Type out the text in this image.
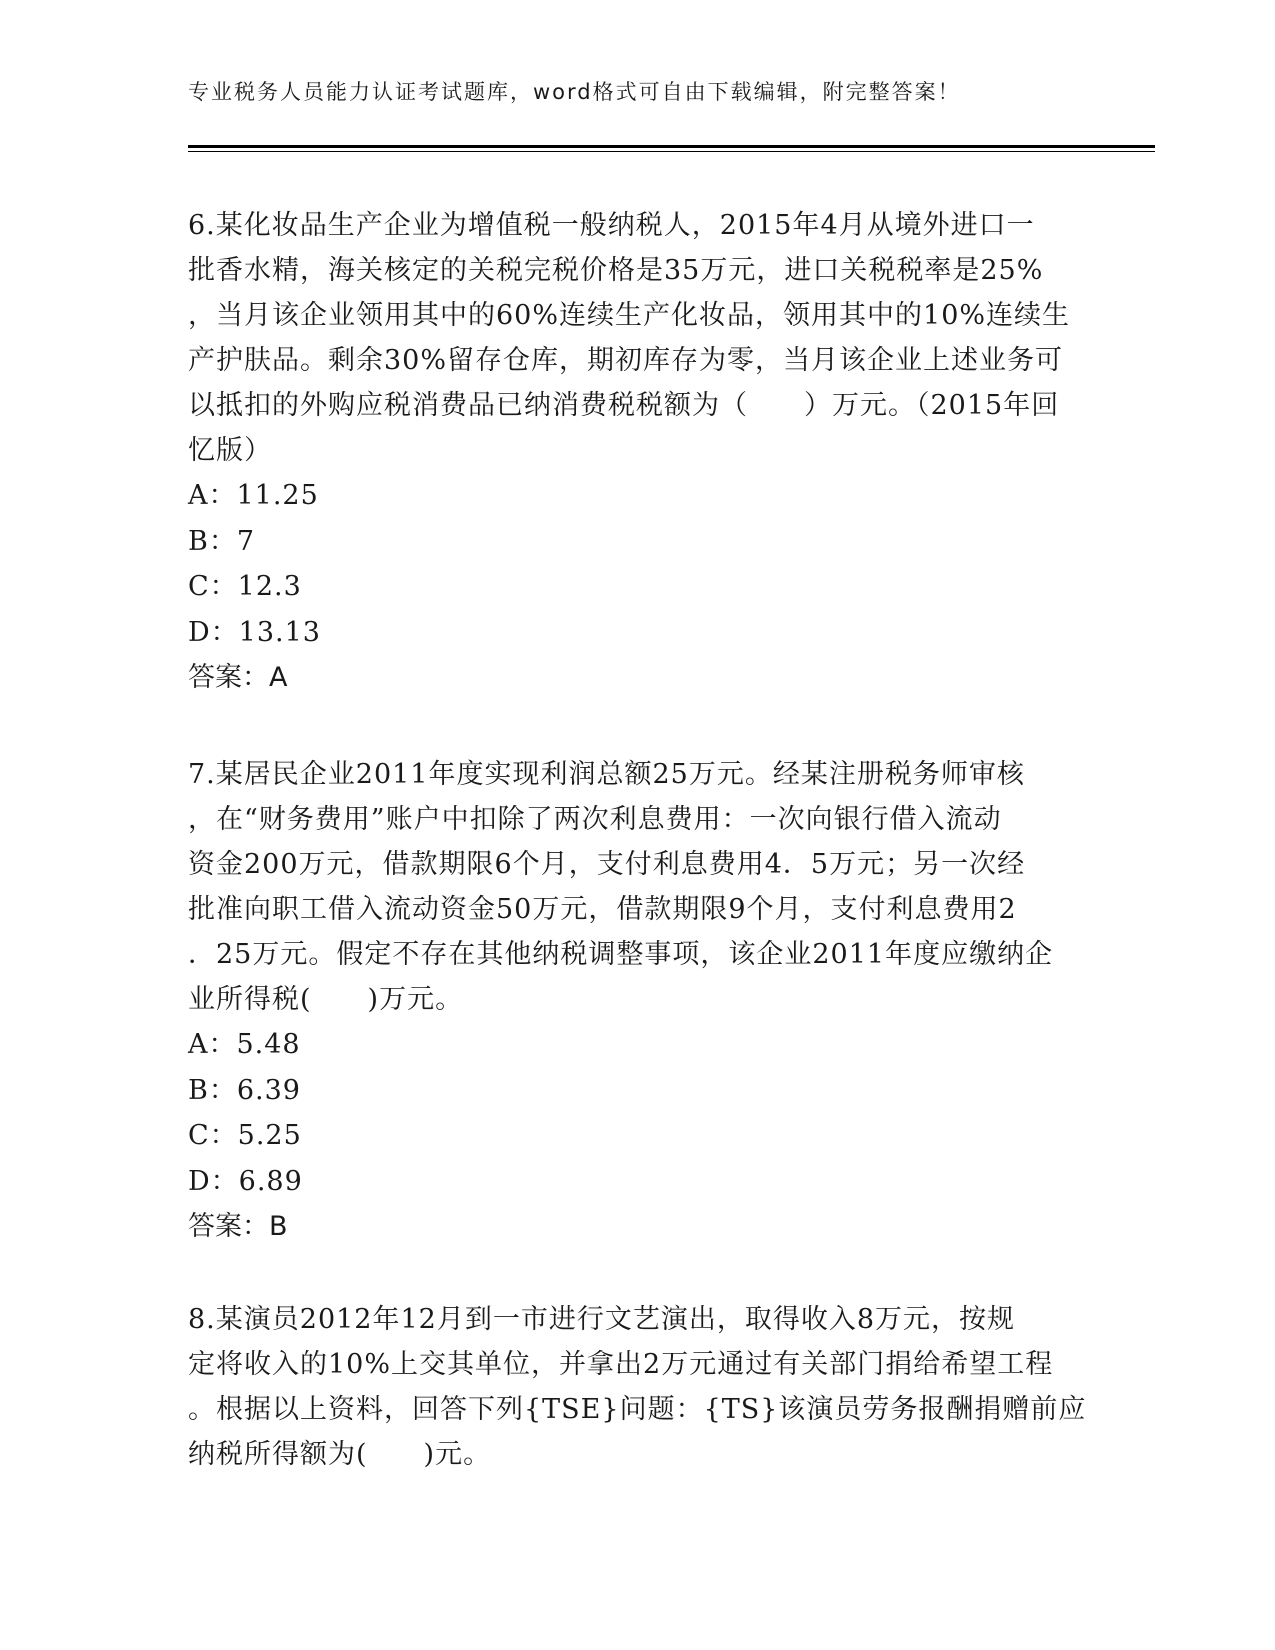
专业税务人员能力认证考试题库，word格式可自由下载编辑，附完整答案！
6.某化妆品生产企业为增值税一般纳税人，2015年4月从境外进口一
批香水精，海关核定的关税完税价格是35万元，进口关税税率是25%
，当月该企业领用其中的60%连续生产化妆品，领用其中的10%连续生
产护肤品。剩余30%留存仓库，期初库存为零，当月该企业上述业务可
以抵扣的外购应税消费品已纳消费税税额为（　　）万元。（2015年回
忆版）
A：11.25
B：7
C：12.3
D：13.13
答案：A
7.某居民企业2011年度实现利润总额25万元。经某注册税务师审核
，在“财务费用”账户中扣除了两次利息费用：一次向银行借入流动
资金200万元，借款期限6个月，支付利息费用4．5万元；另一次经
批准向职工借入流动资金50万元，借款期限9个月，支付利息费用2
．25万元。假定不存在其他纳税调整事项，该企业2011年度应缴纳企
业所得税(　　)万元。
A：5.48
B：6.39
C：5.25
D：6.89
答案：B
8.某演员2012年12月到一市进行文艺演出，取得收入8万元，按规
定将收入的10%上交其单位，并拿出2万元通过有关部门捐给希望工程
。根据以上资料，回答下列{TSE}问题：{TS}该演员劳务报酬捐赠前应
纳税所得额为(　　)元。
